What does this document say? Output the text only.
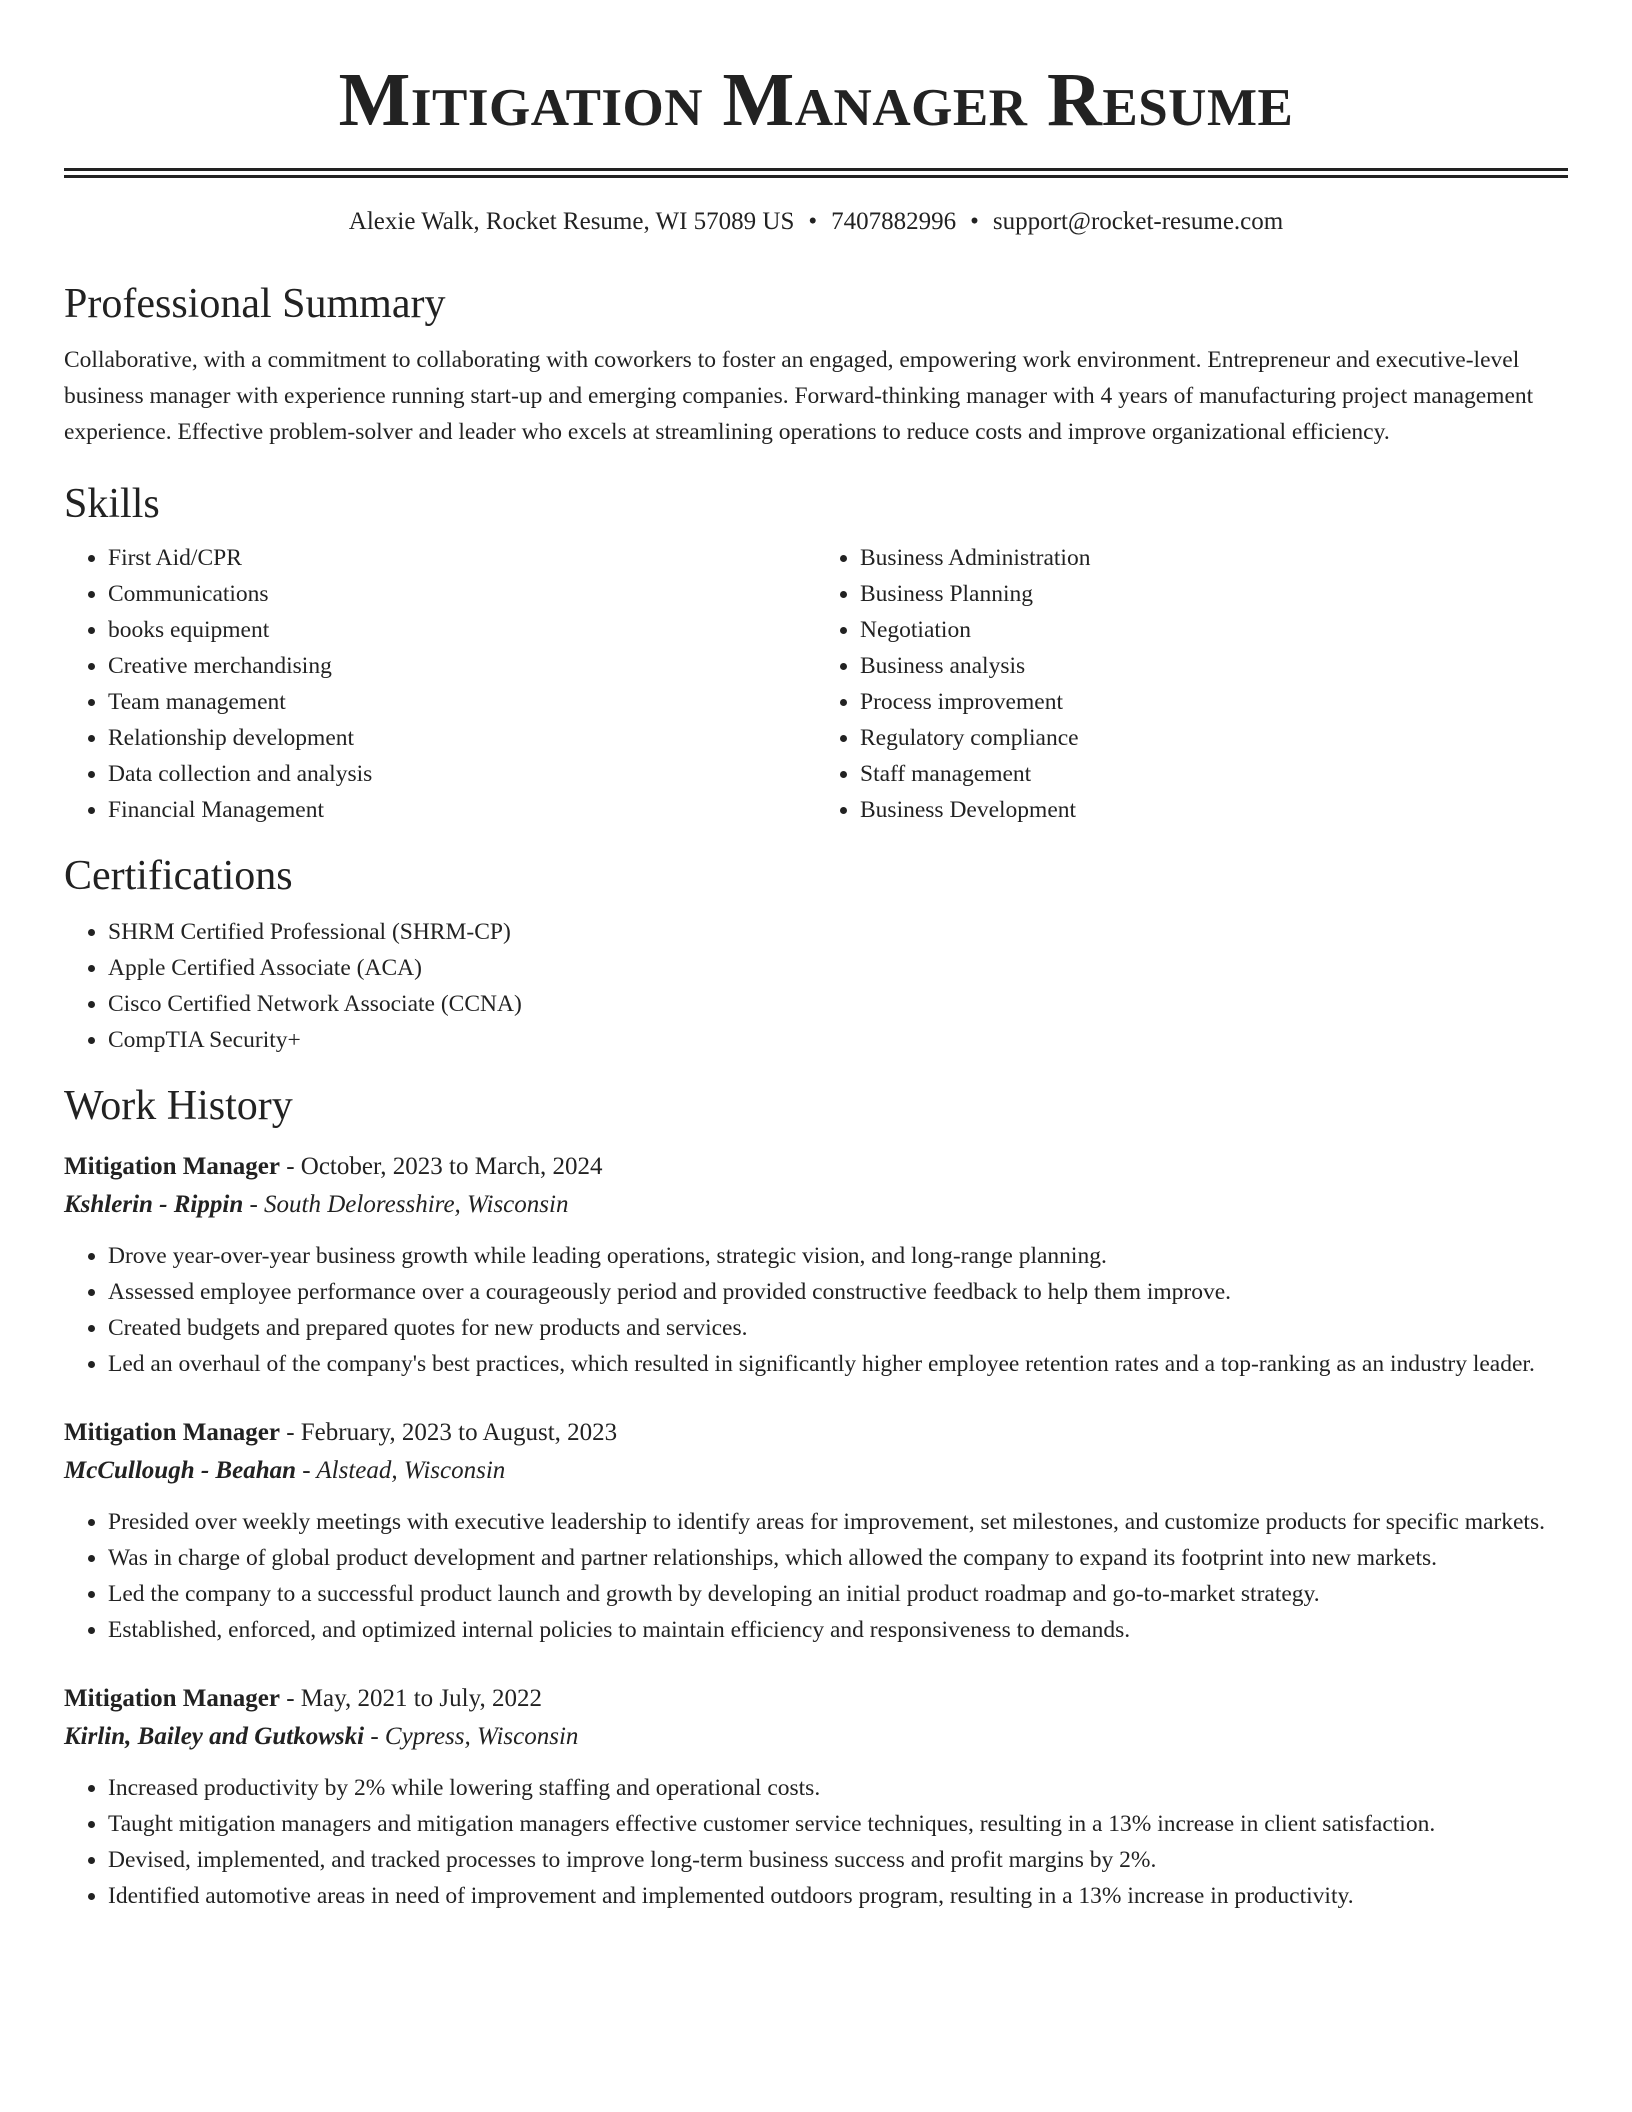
Mitigation Manager Resume
Alexie Walk, Rocket Resume, WI 57089 US • 7407882996 • support@rocket-resume.com
Professional Summary
Collaborative, with a commitment to collaborating with coworkers to foster an engaged, empowering work environment. Entrepreneur and executive-level business manager with experience running start-up and emerging companies. Forward-thinking manager with 4 years of manufacturing project management experience. Effective problem-solver and leader who excels at streamlining operations to reduce costs and improve organizational efficiency.
Skills
• First Aid/CPR
• Communications
• books equipment
• Creative merchandising
• Team management
• Relationship development
• Data collection and analysis
• Financial Management
• Business Administration
• Business Planning
• Negotiation
• Business analysis
• Process improvement
• Regulatory compliance
• Staff management
• Business Development
Certifications
• SHRM Certified Professional (SHRM-CP)
• Apple Certified Associate (ACA)
• Cisco Certified Network Associate (CCNA)
• CompTIA Security+
Work History
Mitigation Manager - October, 2023 to March, 2024
Kshlerin - Rippin - South Deloresshire, Wisconsin
• Drove year-over-year business growth while leading operations, strategic vision, and long-range planning.
• Assessed employee performance over a courageously period and provided constructive feedback to help them improve.
• Created budgets and prepared quotes for new products and services.
• Led an overhaul of the company's best practices, which resulted in significantly higher employee retention rates and a top-ranking as an industry leader.
Mitigation Manager - February, 2023 to August, 2023
McCullough - Beahan - Alstead, Wisconsin
• Presided over weekly meetings with executive leadership to identify areas for improvement, set milestones, and customize products for specific markets.
• Was in charge of global product development and partner relationships, which allowed the company to expand its footprint into new markets.
• Led the company to a successful product launch and growth by developing an initial product roadmap and go-to-market strategy.
• Established, enforced, and optimized internal policies to maintain efficiency and responsiveness to demands.
Mitigation Manager - May, 2021 to July, 2022
Kirlin, Bailey and Gutkowski - Cypress, Wisconsin
• Increased productivity by 2% while lowering staffing and operational costs.
• Taught mitigation managers and mitigation managers effective customer service techniques, resulting in a 13% increase in client satisfaction.
• Devised, implemented, and tracked processes to improve long-term business success and profit margins by 2%.
• Identified automotive areas in need of improvement and implemented outdoors program, resulting in a 13% increase in productivity.
